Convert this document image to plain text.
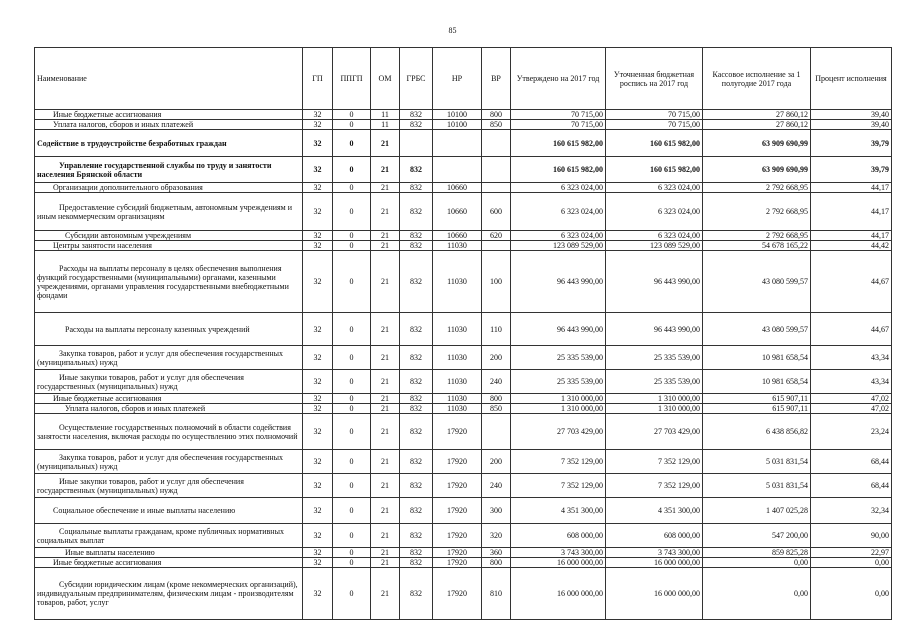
85
Наименование	ГП	ППГП	ОМ	ГРБС	НР	ВР	Утверждено на 2017 год	Уточненная бюджетная роспись на 2017 год	Кассовое исполнение за 1 полугодие 2017 года	Процент исполнения
Иные бюджетные ассигнования	32	0	11	832	10100	800	70 715,00	70 715,00	27 860,12	39,40
Уплата налогов, сборов и иных платежей	32	0	11	832	10100	850	70 715,00	70 715,00	27 860,12	39,40
Содействие в трудоустройстве безработных граждан	32	0	21				160 615 982,00	160 615 982,00	63 909 690,99	39,79
Управление государственной службы по труду и занятости населения Брянской области	32	0	21	832			160 615 982,00	160 615 982,00	63 909 690,99	39,79
Организации дополнительного образования	32	0	21	832	10660		6 323 024,00	6 323 024,00	2 792 668,95	44,17
Предоставление субсидий бюджетным, автономным учреждениям и иным некоммерческим организациям	32	0	21	832	10660	600	6 323 024,00	6 323 024,00	2 792 668,95	44,17
Субсидии автономным учреждениям	32	0	21	832	10660	620	6 323 024,00	6 323 024,00	2 792 668,95	44,17
Центры занятости населения	32	0	21	832	11030		123 089 529,00	123 089 529,00	54 678 165,22	44,42
Расходы на выплаты персоналу в целях обеспечения выполнения функций государственными (муниципальными) органами, казенными учреждениями, органами управления государственными внебюджетными фондами	32	0	21	832	11030	100	96 443 990,00	96 443 990,00	43 080 599,57	44,67
Расходы на выплаты персоналу казенных учреждений	32	0	21	832	11030	110	96 443 990,00	96 443 990,00	43 080 599,57	44,67
Закупка товаров, работ и услуг для обеспечения государственных (муниципальных) нужд	32	0	21	832	11030	200	25 335 539,00	25 335 539,00	10 981 658,54	43,34
Иные закупки товаров, работ и услуг для обеспечения государственных (муниципальных) нужд	32	0	21	832	11030	240	25 335 539,00	25 335 539,00	10 981 658,54	43,34
Иные бюджетные ассигнования	32	0	21	832	11030	800	1 310 000,00	1 310 000,00	615 907,11	47,02
Уплата налогов, сборов и иных платежей	32	0	21	832	11030	850	1 310 000,00	1 310 000,00	615 907,11	47,02
Осуществление государственных полномочий в области содействия занятости населения, включая расходы по осуществлению этих полномочий	32	0	21	832	17920		27 703 429,00	27 703 429,00	6 438 856,82	23,24
Закупка товаров, работ и услуг для обеспечения государственных (муниципальных) нужд	32	0	21	832	17920	200	7 352 129,00	7 352 129,00	5 031 831,54	68,44
Иные закупки товаров, работ и услуг для обеспечения государственных (муниципальных) нужд	32	0	21	832	17920	240	7 352 129,00	7 352 129,00	5 031 831,54	68,44
Социальное обеспечение и иные выплаты населению	32	0	21	832	17920	300	4 351 300,00	4 351 300,00	1 407 025,28	32,34
Социальные выплаты гражданам, кроме публичных нормативных социальных выплат	32	0	21	832	17920	320	608 000,00	608 000,00	547 200,00	90,00
Иные выплаты населению	32	0	21	832	17920	360	3 743 300,00	3 743 300,00	859 825,28	22,97
Иные бюджетные ассигнования	32	0	21	832	17920	800	16 000 000,00	16 000 000,00	0,00	0,00
Субсидии юридическим лицам (кроме некоммерческих организаций), индивидуальным предпринимателям, физическим лицам - производителям товаров, работ, услуг	32	0	21	832	17920	810	16 000 000,00	16 000 000,00	0,00	0,00
